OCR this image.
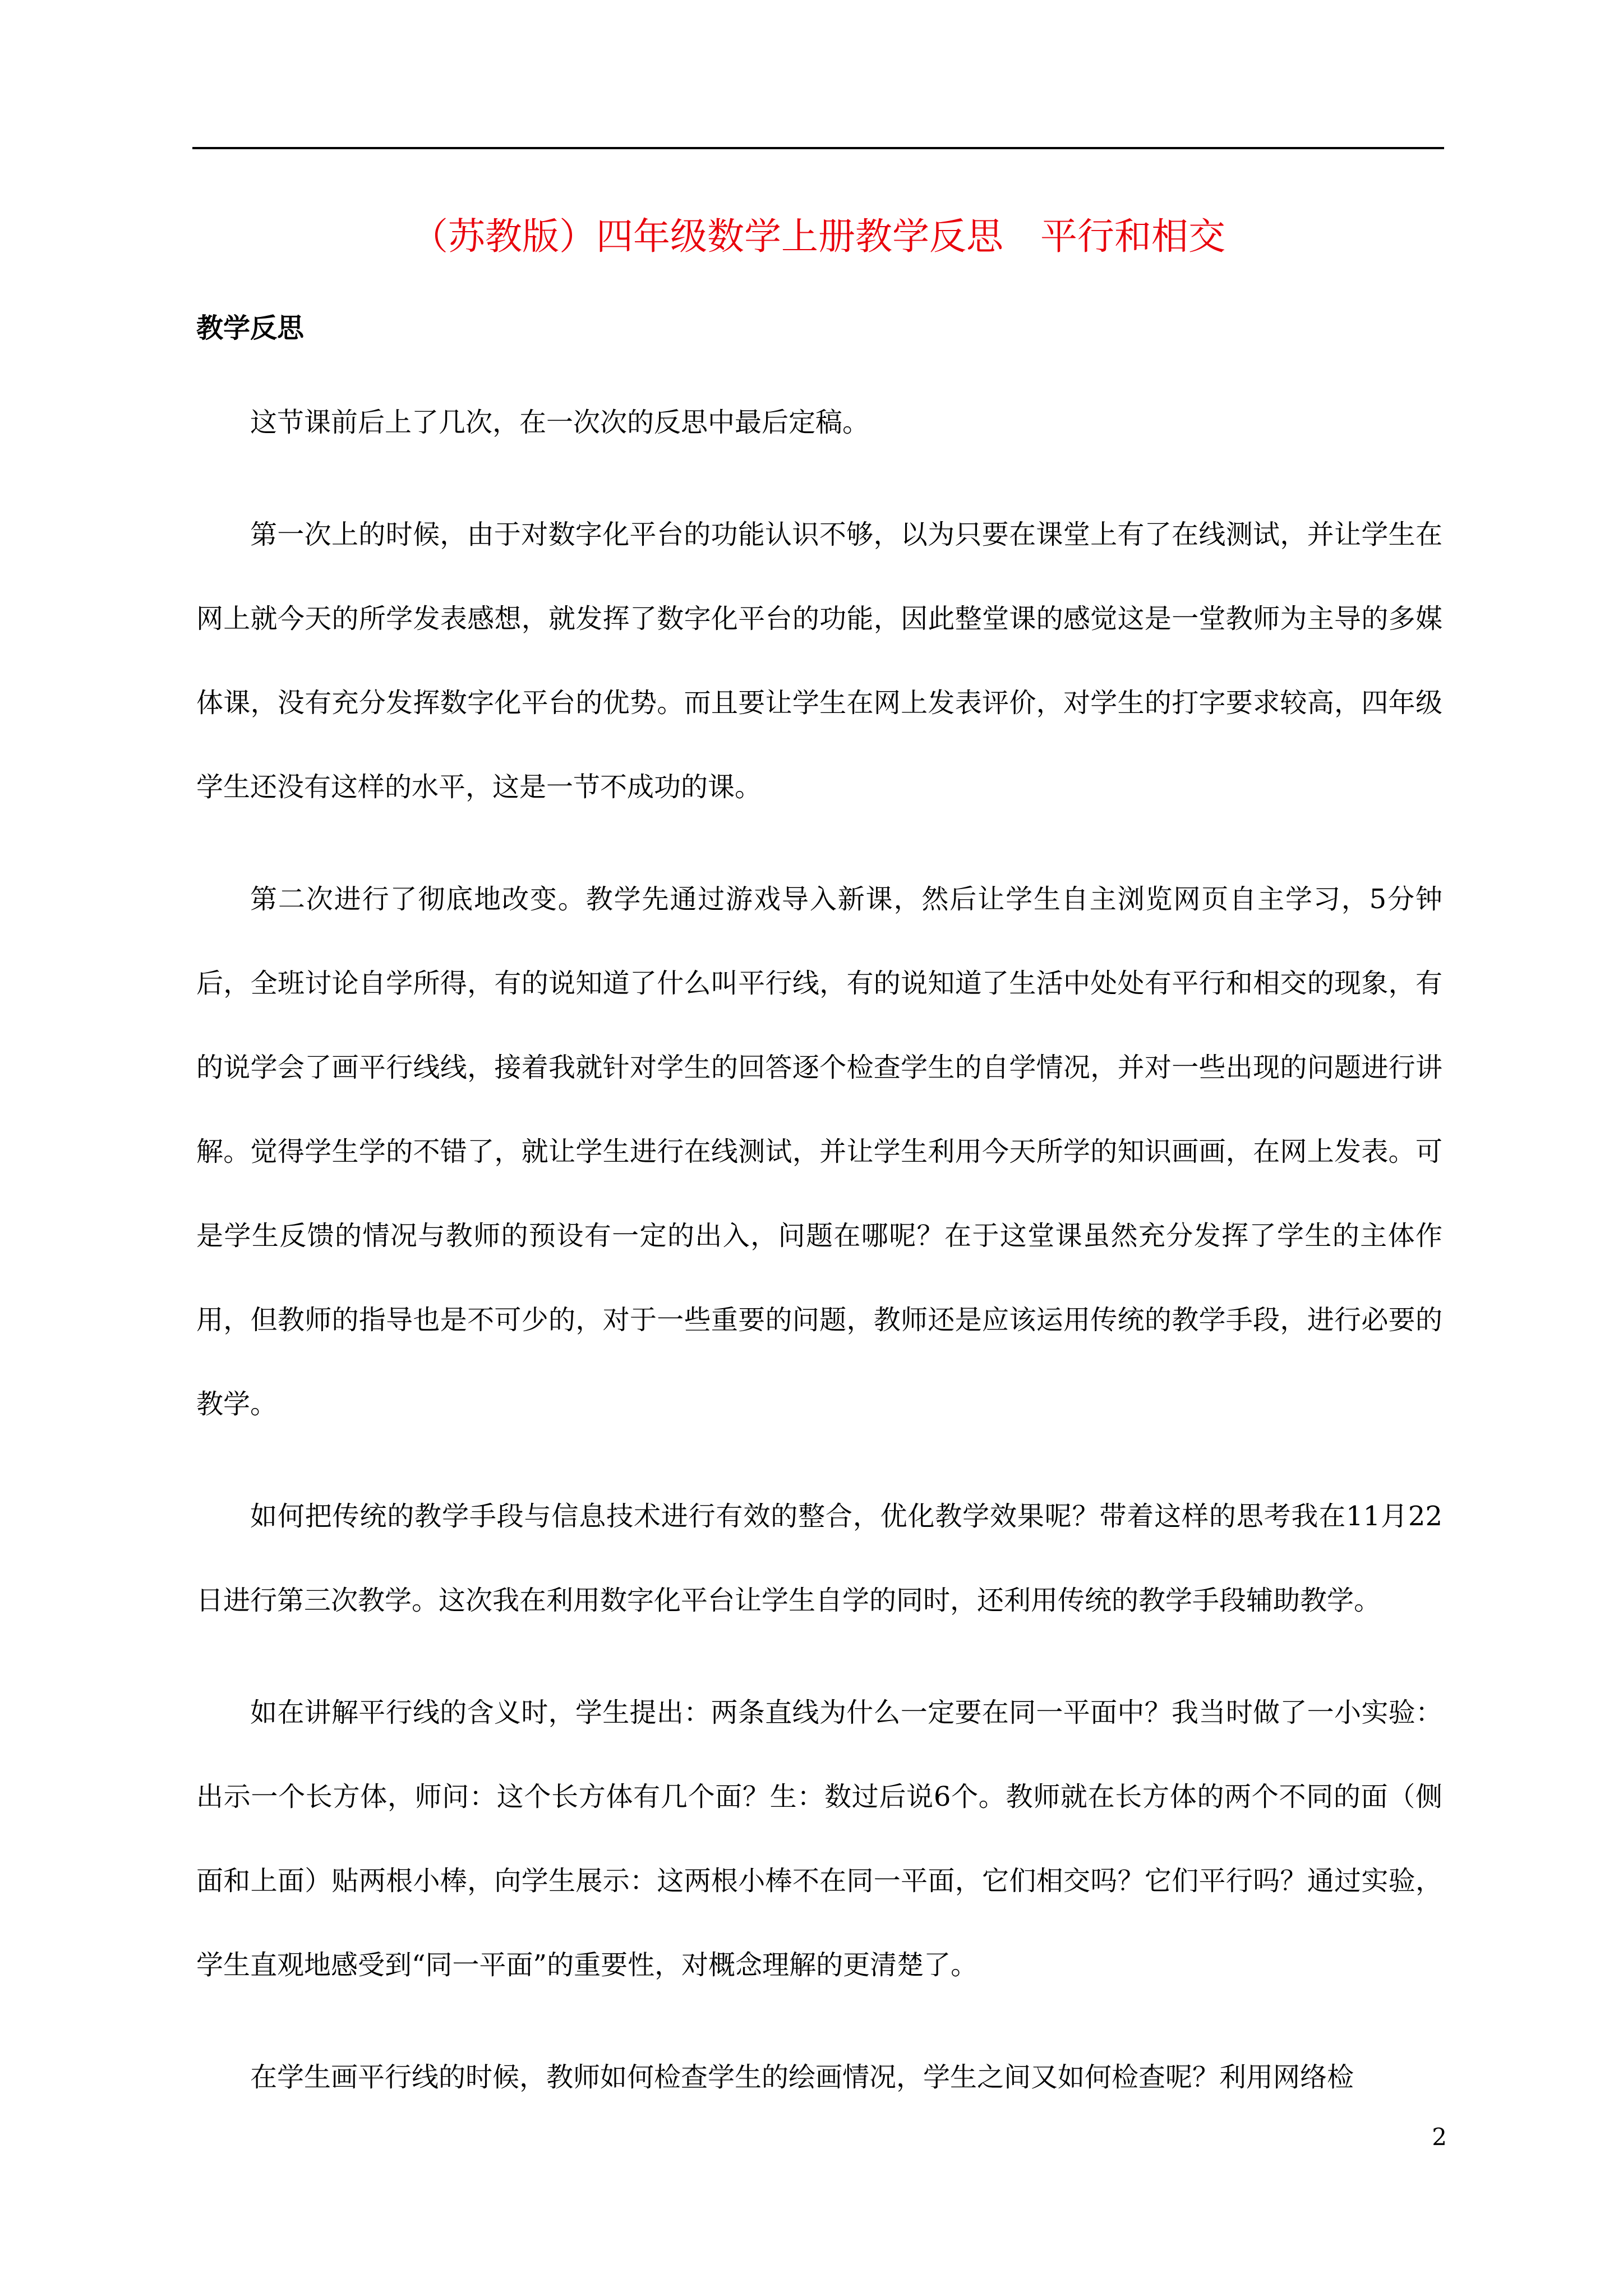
（苏教版）四年级数学上册教学反思　平行和相交
教学反思

这节课前后上了几次，在一次次的反思中最后定稿。

第一次上的时候，由于对数字化平台的功能认识不够，以为只要在课堂上有了在线测试，并让学生在网上就今天的所学发表感想，就发挥了数字化平台的功能，因此整堂课的感觉这是一堂教师为主导的多媒体课，没有充分发挥数字化平台的优势。而且要让学生在网上发表评价，对学生的打字要求较高，四年级学生还没有这样的水平，这是一节不成功的课。

第二次进行了彻底地改变。教学先通过游戏导入新课，然后让学生自主浏览网页自主学习，5分钟后，全班讨论自学所得，有的说知道了什么叫平行线，有的说知道了生活中处处有平行和相交的现象，有的说学会了画平行线线，接着我就针对学生的回答逐个检查学生的自学情况，并对一些出现的问题进行讲解。觉得学生学的不错了，就让学生进行在线测试，并让学生利用今天所学的知识画画，在网上发表。可是学生反馈的情况与教师的预设有一定的出入，问题在哪呢？在于这堂课虽然充分发挥了学生的主体作用，但教师的指导也是不可少的，对于一些重要的问题，教师还是应该运用传统的教学手段，进行必要的教学。

如何把传统的教学手段与信息技术进行有效的整合，优化教学效果呢？带着这样的思考我在11月22日进行第三次教学。这次我在利用数字化平台让学生自学的同时，还利用传统的教学手段辅助教学。

如在讲解平行线的含义时，学生提出：两条直线为什么一定要在同一平面中？我当时做了一小实验：出示一个长方体，师问：这个长方体有几个面？生：数过后说6个。教师就在长方体的两个不同的面（侧面和上面）贴两根小棒，向学生展示：这两根小棒不在同一平面，它们相交吗？它们平行吗？通过实验，学生直观地感受到“同一平面”的重要性，对概念理解的更清楚了。

在学生画平行线的时候，教师如何检查学生的绘画情况，学生之间又如何检查呢？利用网络检

2
